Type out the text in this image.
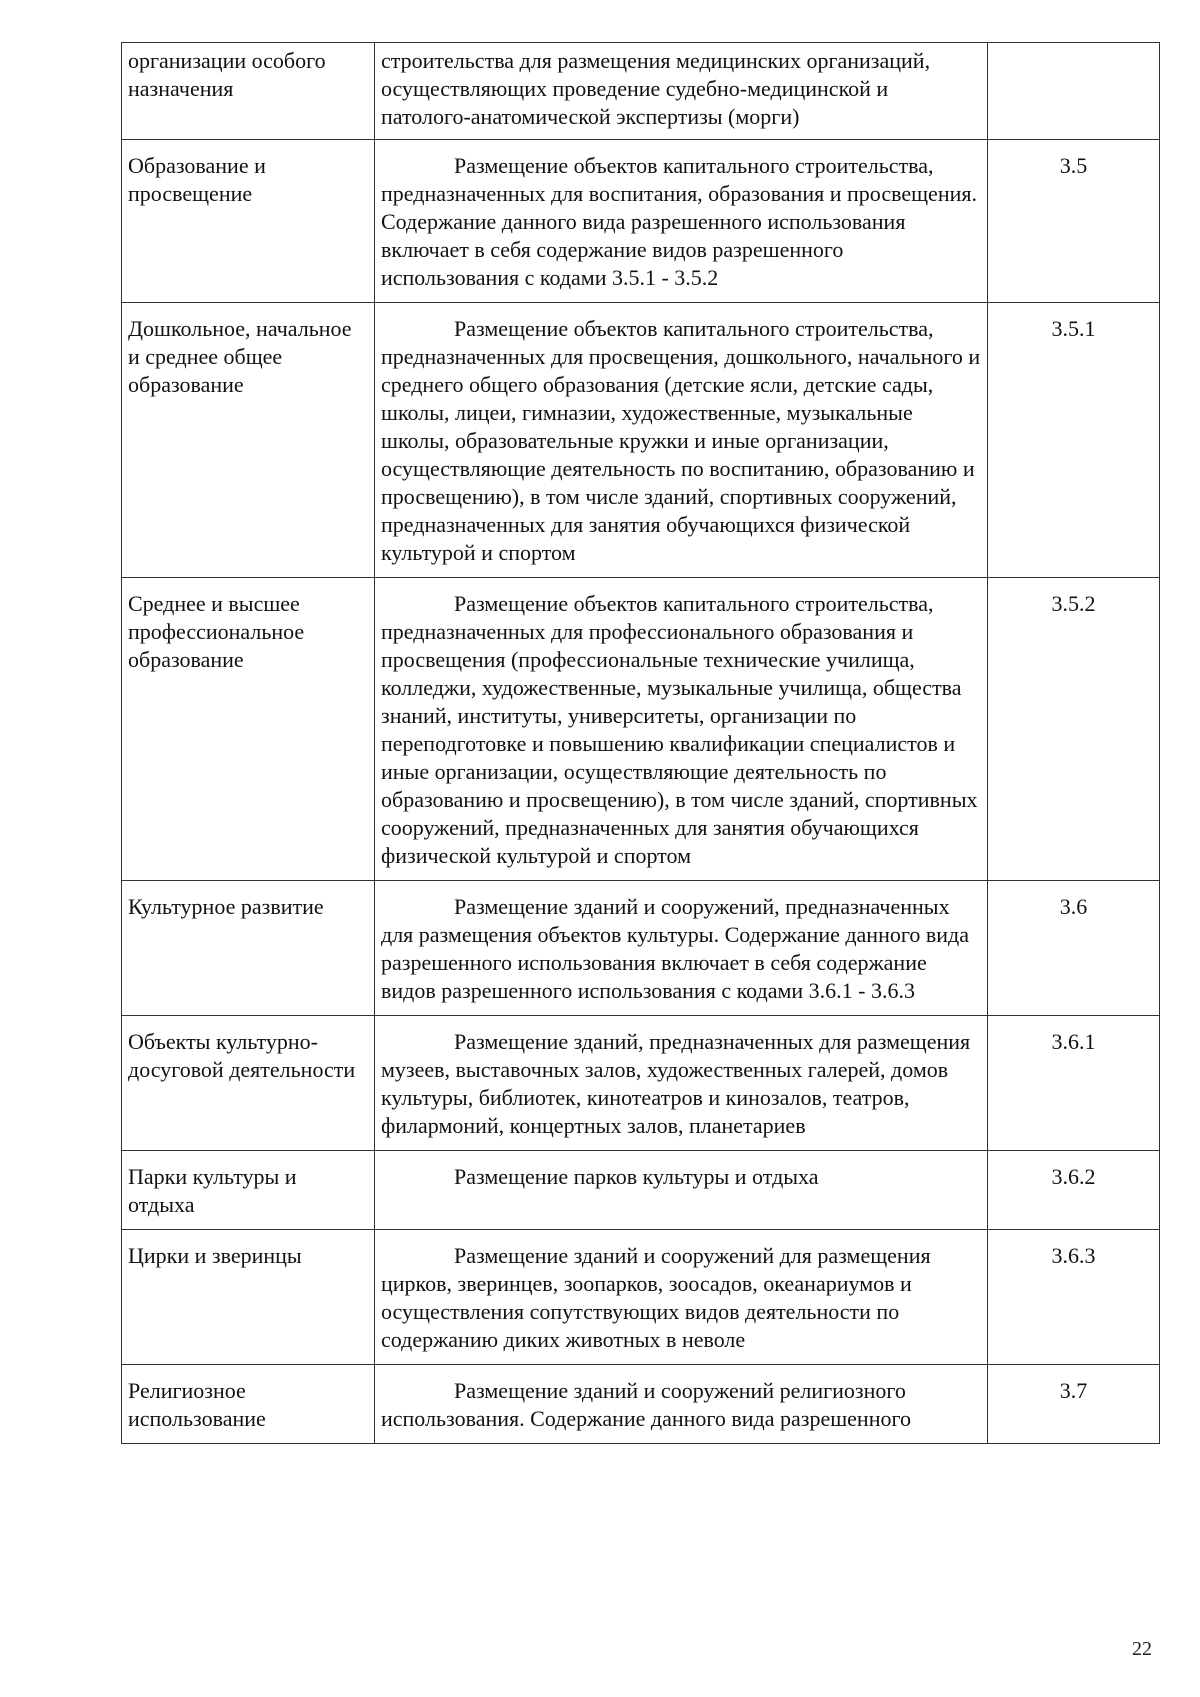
организации особого назначения	строительства для размещения медицинских организаций, осуществляющих проведение судебно-медицинской и патолого-анатомической экспертизы (морги)	

Образование и просвещение	Размещение объектов капитального строительства, предназначенных для воспитания, образования и просвещения. Содержание данного вида разрешенного использования включает в себя содержание видов разрешенного использования с кодами 3.5.1 - 3.5.2	3.5
Дошкольное, начальное и среднее общее образование	Размещение объектов капитального строительства, предназначенных для просвещения, дошкольного, начального и среднего общего образования (детские ясли, детские сады, школы, лицеи, гимназии, художественные, музыкальные школы, образовательные кружки и иные организации, осуществляющие деятельность по воспитанию, образованию и просвещению), в том числе зданий, спортивных сооружений, предназначенных для занятия обучающихся физической культурой и спортом	3.5.1
Среднее и высшее профессиональное образование	Размещение объектов капитального строительства, предназначенных для профессионального образования и просвещения (профессиональные технические училища, колледжи, художественные, музыкальные училища, общества знаний, институты, университеты, организации по переподготовке и повышению квалификации специалистов и иные организации, осуществляющие деятельность по образованию и просвещению), в том числе зданий, спортивных сооружений, предназначенных для занятия обучающихся физической культурой и спортом	3.5.2
Культурное развитие	Размещение зданий и сооружений, предназначенных для размещения объектов культуры. Содержание данного вида разрешенного использования включает в себя содержание видов разрешенного использования с кодами 3.6.1 - 3.6.3	3.6
Объекты культурно-досуговой деятельности	Размещение зданий, предназначенных для размещения музеев, выставочных залов, художественных галерей, домов культуры, библиотек, кинотеатров и кинозалов, театров, филармоний, концертных залов, планетариев	3.6.1
Парки культуры и отдыха	Размещение парков культуры и отдыха	3.6.2
Цирки и зверинцы	Размещение зданий и сооружений для размещения цирков, зверинцев, зоопарков, зоосадов, океанариумов и осуществления сопутствующих видов деятельности по содержанию диких животных в неволе	3.6.3
Религиозное использование	Размещение зданий и сооружений религиозного использования. Содержание данного вида разрешенного	3.7
22
